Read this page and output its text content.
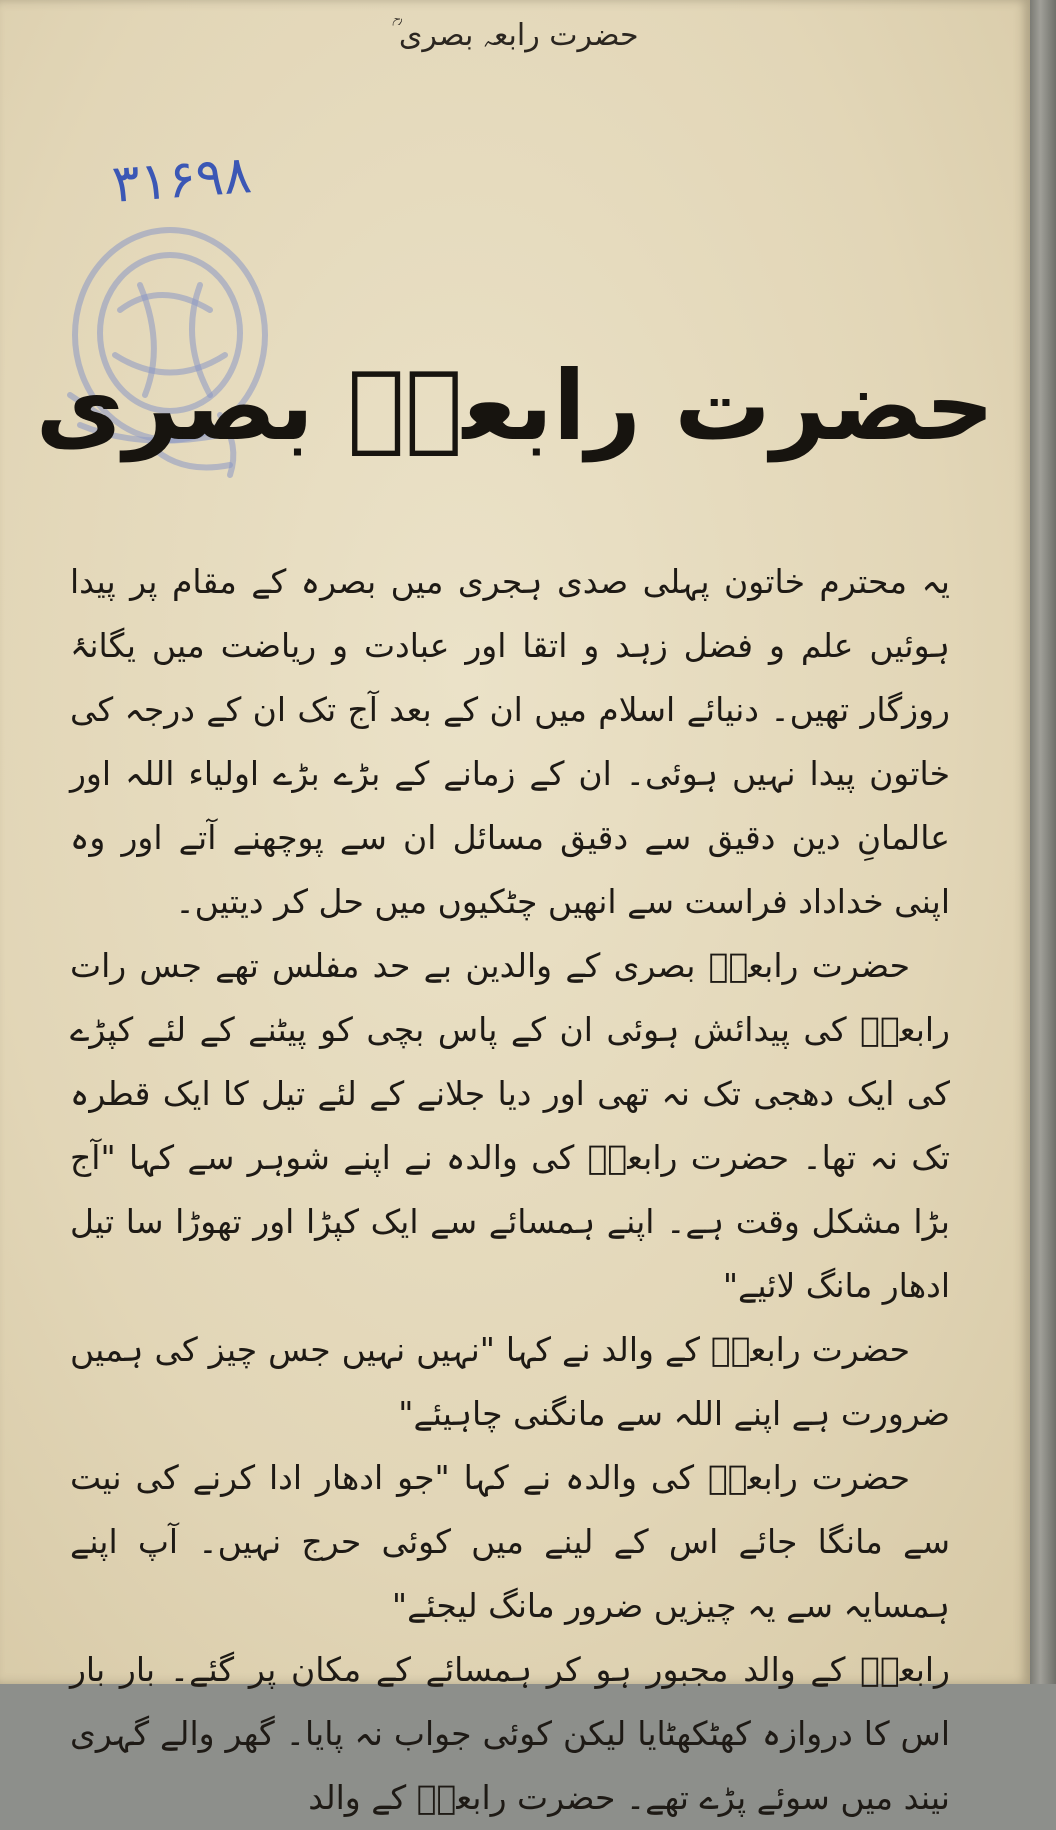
حضرت رابعہ بصری ؒ
۳۱۶۹۸
حضرت رابعہؒ بصری

یہ محترم خاتون پہلی صدی ہجری میں بصرہ کے مقام پر پیدا ہوئیں علم و فضل زہد و اتقا اور عبادت و ریاضت میں یگانۂ روزگار تھیں۔ دنیائے اسلام میں ان کے بعد آج تک ان کے درجہ کی خاتون پیدا نہیں ہوئی۔ ان کے زمانے کے بڑے بڑے اولیاء اللہ اور عالمانِ دین دقیق سے دقیق مسائل ان سے پوچھنے آتے اور وہ اپنی خداداد فراست سے انھیں چٹکیوں میں حل کر دیتیں۔

حضرت رابعہؒ بصری کے والدین بے حد مفلس تھے جس رات رابعہؒ کی پیدائش ہوئی ان کے پاس بچی کو پیٹنے کے لئے کپڑے کی ایک دھجی تک نہ تھی اور دیا جلانے کے لئے تیل کا ایک قطرہ تک نہ تھا۔ حضرت رابعہؒ کی والدہ نے اپنے شوہر سے کہا "آج بڑا مشکل وقت ہے۔ اپنے ہمسائے سے ایک کپڑا اور تھوڑا سا تیل ادھار مانگ لائیے"

حضرت رابعہؒ کے والد نے کہا "نہیں نہیں جس چیز کی ہمیں ضرورت ہے اپنے اللہ سے مانگنی چاہیئے"

حضرت رابعہؒ کی والدہ نے کہا "جو ادھار ادا کرنے کی نیت سے مانگا جائے اس کے لینے میں کوئی حرج نہیں۔ آپ اپنے ہمسایہ سے یہ چیزیں ضرور مانگ لیجئے"

رابعہؒ کے والد مجبور ہو کر ہمسائے کے مکان پر گئے۔ بار بار اس کا دروازہ کھٹکھٹایا لیکن کوئی جواب نہ پایا۔ گھر والے گہری نیند میں سوئے پڑے تھے۔ حضرت رابعہؒ کے والد
